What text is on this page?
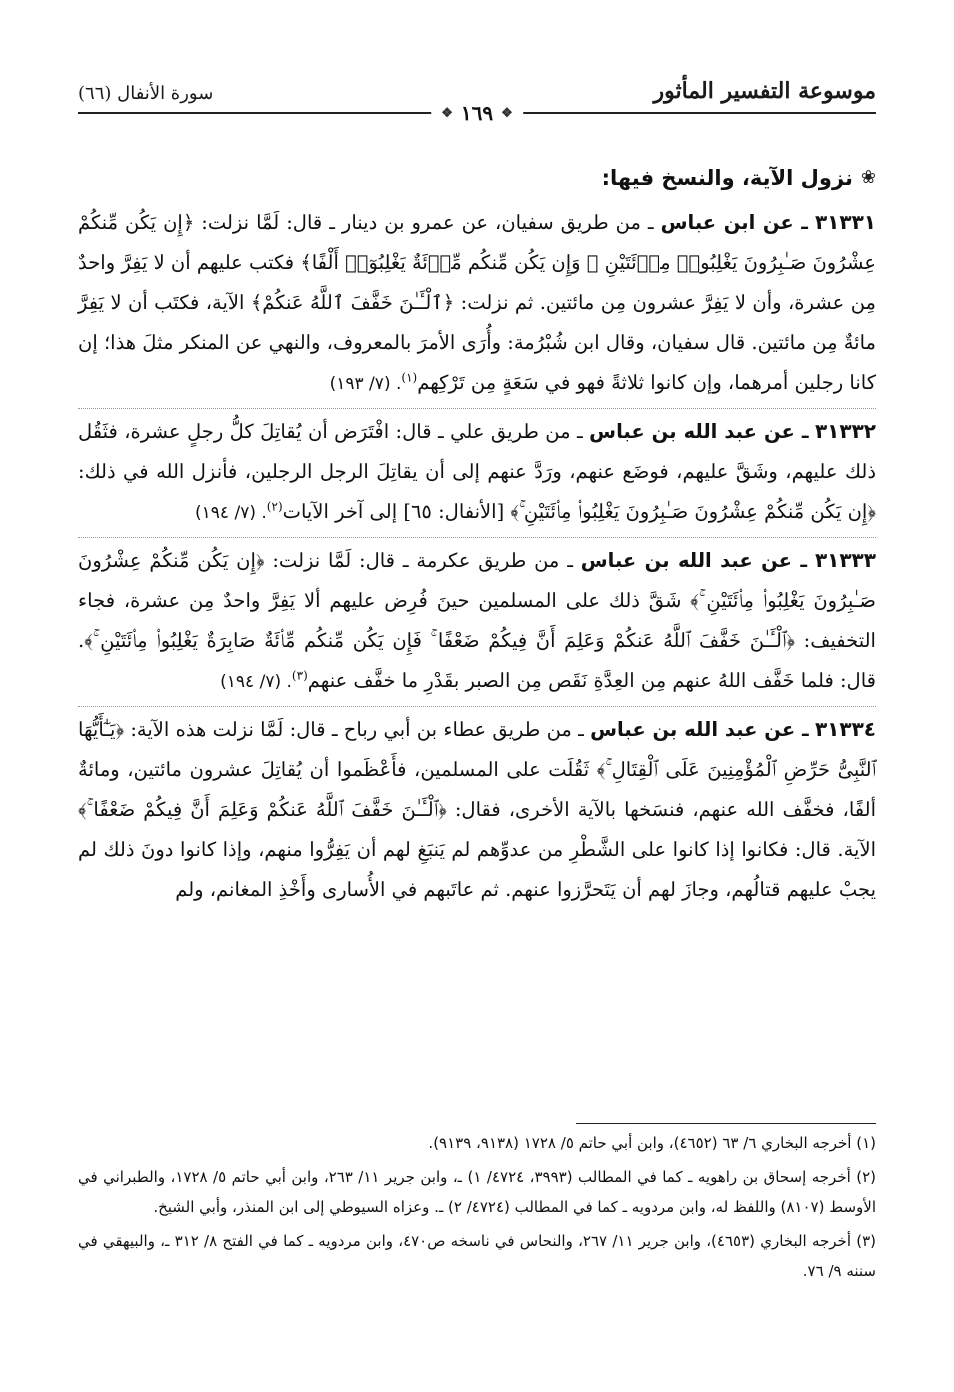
موسوعة التفسير المأثور
(٦٦) سورة الأنفال
❖
١٦٩
❖
❀
نزول الآية، والنسخ فيها:

٣١٣٣١ ـ عن ابن عباس ـ من طريق سفيان، عن عمرو بن دينار ـ قال: لَمَّا نزلت: ﴿إِن يَكُن مِّنكُمْ عِشْرُونَ صَـٰبِرُونَ يَغْلِبُوا۟ مِا۟ئَتَيْنِ ۚ وَإِن يَكُن مِّنكُم مِّا۟ئَةٌ يَغْلِبُوٓا۟ أَلْفًا﴾ فكتب عليهم أن لا يَفِرَّ واحدٌ مِن عشرة، وأن لا يَفِرَّ عشرون مِن مائتين. ثم نزلت: ﴿ٱلْـَٔـٰنَ خَفَّفَ ٱللَّهُ عَنكُمْ﴾ الآية، فكتَب أن لا يَفِرَّ مائةٌ مِن مائتين. قال سفيان، وقال ابن شُبْرُمة: وأُرَى الأمرَ بالمعروف، والنهي عن المنكر مثلَ هذا؛ إن كانا رجلين أمرهما، وإن كانوا ثلاثةً فهو في سَعَةٍ مِن تَرْكِهم$^{(١)}$. (٧/ ١٩٣)

٣١٣٣٢ ـ عن عبد الله بن عباس ـ من طريق علي ـ قال: افْتَرَض أن يُقاتِلَ كلُّ رجلٍ عشرة، فثَقُل ذلك عليهم، وشَقَّ عليهم، فوضَع عنهم، ورَدَّ عنهم إلى أن يقاتِلَ الرجل الرجلين، فأنزل الله في ذلك: ﴿إِن يَكُن مِّنكُمْ عِشْرُونَ صَـٰبِرُونَ يَغْلِبُوا۟ مِا۟ئَتَيْنِ ۚ﴾ [الأنفال: ٦٥] إلى آخر الآيات$^{(٢)}$. (٧/ ١٩٤)

٣١٣٣٣ ـ عن عبد الله بن عباس ـ من طريق عكرمة ـ قال: لَمَّا نزلت: ﴿إِن يَكُن مِّنكُمْ عِشْرُونَ صَـٰبِرُونَ يَغْلِبُوا۟ مِا۟ئَتَيْنِ ۚ﴾ شَقَّ ذلك على المسلمين حينَ فُرِض عليهم ألا يَفِرَّ واحدٌ مِن عشرة، فجاء التخفيف: ﴿ٱلْـَٔـٰنَ خَفَّفَ ٱللَّهُ عَنكُمْ وَعَلِمَ أَنَّ فِيكُمْ ضَعْفًا ۚ فَإِن يَكُن مِّنكُم مِّا۟ئَةٌ صَابِرَةٌ يَغْلِبُوا۟ مِا۟ئَتَيْنِ ۚ﴾. قال: فلما خَفَّف اللهُ عنهم مِن العِدَّةِ نَقَص مِن الصبر بقَدْرِ ما خفَّف عنهم$^{(٣)}$. (٧/ ١٩٤)

٣١٣٣٤ ـ عن عبد الله بن عباس ـ من طريق عطاء بن أبي رباح ـ قال: لَمَّا نزلت هذه الآية: ﴿يَـٰٓأَيُّهَا ٱلنَّبِىُّ حَرِّضِ ٱلْمُؤْمِنِينَ عَلَى ٱلْقِتَالِ ۚ﴾ ثَقُلَت على المسلمين، فأَعْظَموا أن يُقاتِلَ عشرون مائتين، ومائةٌ ألفًا، فخفَّف الله عنهم، فنسَخها بالآية الأخرى، فقال: ﴿ٱلْـَٔـٰنَ خَفَّفَ ٱللَّهُ عَنكُمْ وَعَلِمَ أَنَّ فِيكُمْ ضَعْفًا ۚ﴾ الآية. قال: فكانوا إذا كانوا على الشَّطْرِ من عدوِّهم لم يَنبَغِ لهم أن يَفِرُّوا منهم، وإذا كانوا دونَ ذلك لم يجبْ عليهم قتالُهم، وجازَ لهم أن يَتَحرَّزوا عنهم. ثم عاتَبهم في الأُسارى وأَخْذِ المغانم، ولم

(١) أخرجه البخاري ٦/ ٦٣ (٤٦٥٢)، وابن أبي حاتم ٥/ ١٧٢٨ (٩١٣٨، ٩١٣٩).

(٢) أخرجه إسحاق بن راهويه ـ كما في المطالب (٣٩٩٣، ٤٧٢٤/ ١) ـ، وابن جرير ١١/ ٢٦٣، وابن أبي حاتم ٥/ ١٧٢٨، والطبراني في الأوسط (٨١٠٧) واللفظ له، وابن مردويه ـ كما في المطالب (٤٧٢٤/ ٢) ـ. وعزاه السيوطي إلى ابن المنذر، وأبي الشيخ.

(٣) أخرجه البخاري (٤٦٥٣)، وابن جرير ١١/ ٢٦٧، والنحاس في ناسخه ص٤٧٠، وابن مردويه ـ كما في الفتح ٨/ ٣١٢ ـ، والبيهقي في سننه ٩/ ٧٦.
